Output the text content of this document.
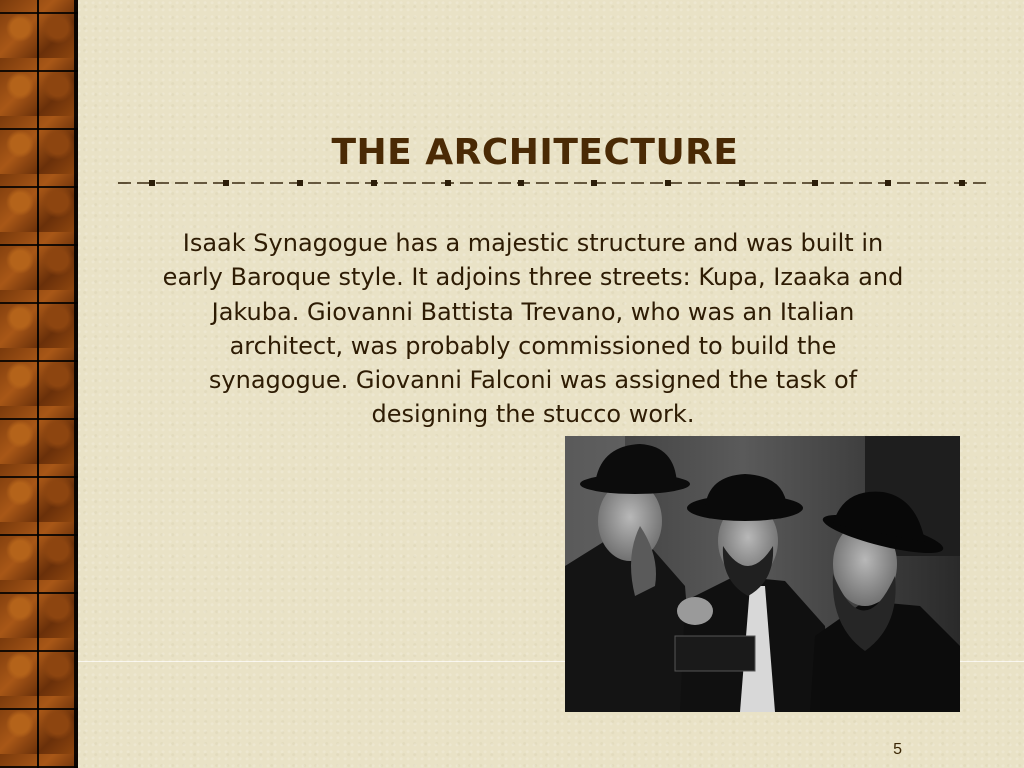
THE ARCHITECTURE
Isaak Synagogue has a majestic structure and was built in early Baroque style. It adjoins three streets: Kupa, Izaaka and Jakuba. Giovanni Battista Trevano, who was an Italian architect, was probably commissioned to build the synagogue. Giovanni Falconi was assigned the task of designing the stucco work.
5
